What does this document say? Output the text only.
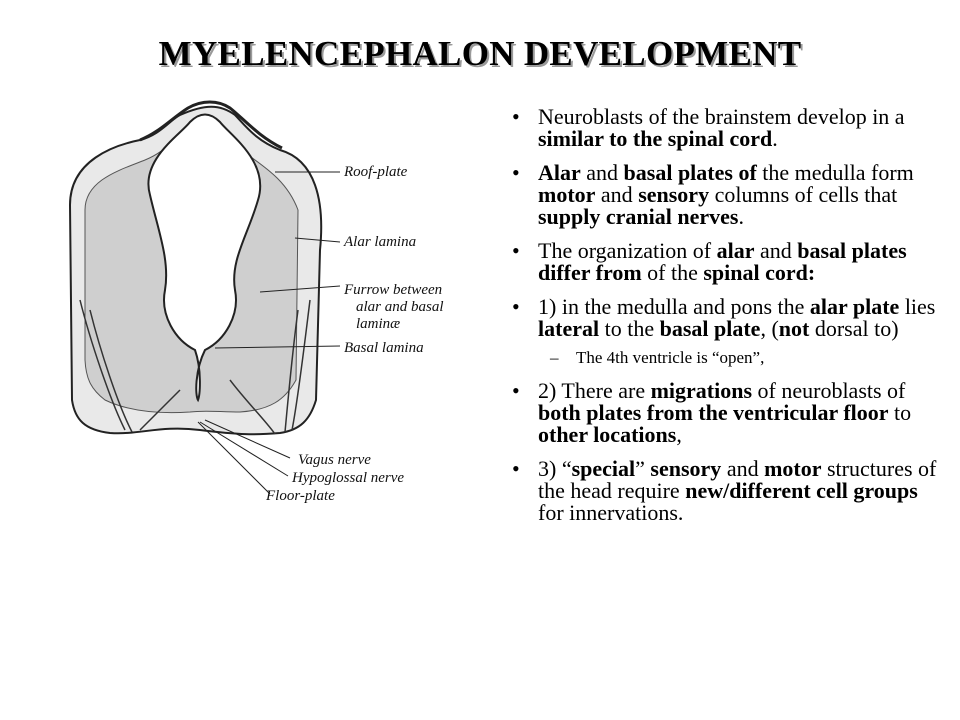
MYELENCEPHALON DEVELOPMENT
Roof-plate
Alar lamina
Furrow between
alar and basal
laminæ
Basal lamina
Vagus nerve
Hypoglossal nerve
Floor-plate
• Neuroblasts of the brainstem develop in a similar to the spinal cord.
• Alar and basal plates of the medulla form motor and sensory columns of cells that supply cranial nerves.
• The organization of alar and basal plates differ from of the spinal cord:
• 1) in the medulla and pons the alar plate lies lateral to the basal plate, (not dorsal to)
– The 4th ventricle is “open”,
• 2) There are migrations of neuroblasts of both plates from the ventricular floor to other locations,
• 3) “special” sensory and motor structures of the head require new/different cell groups for innervations.
